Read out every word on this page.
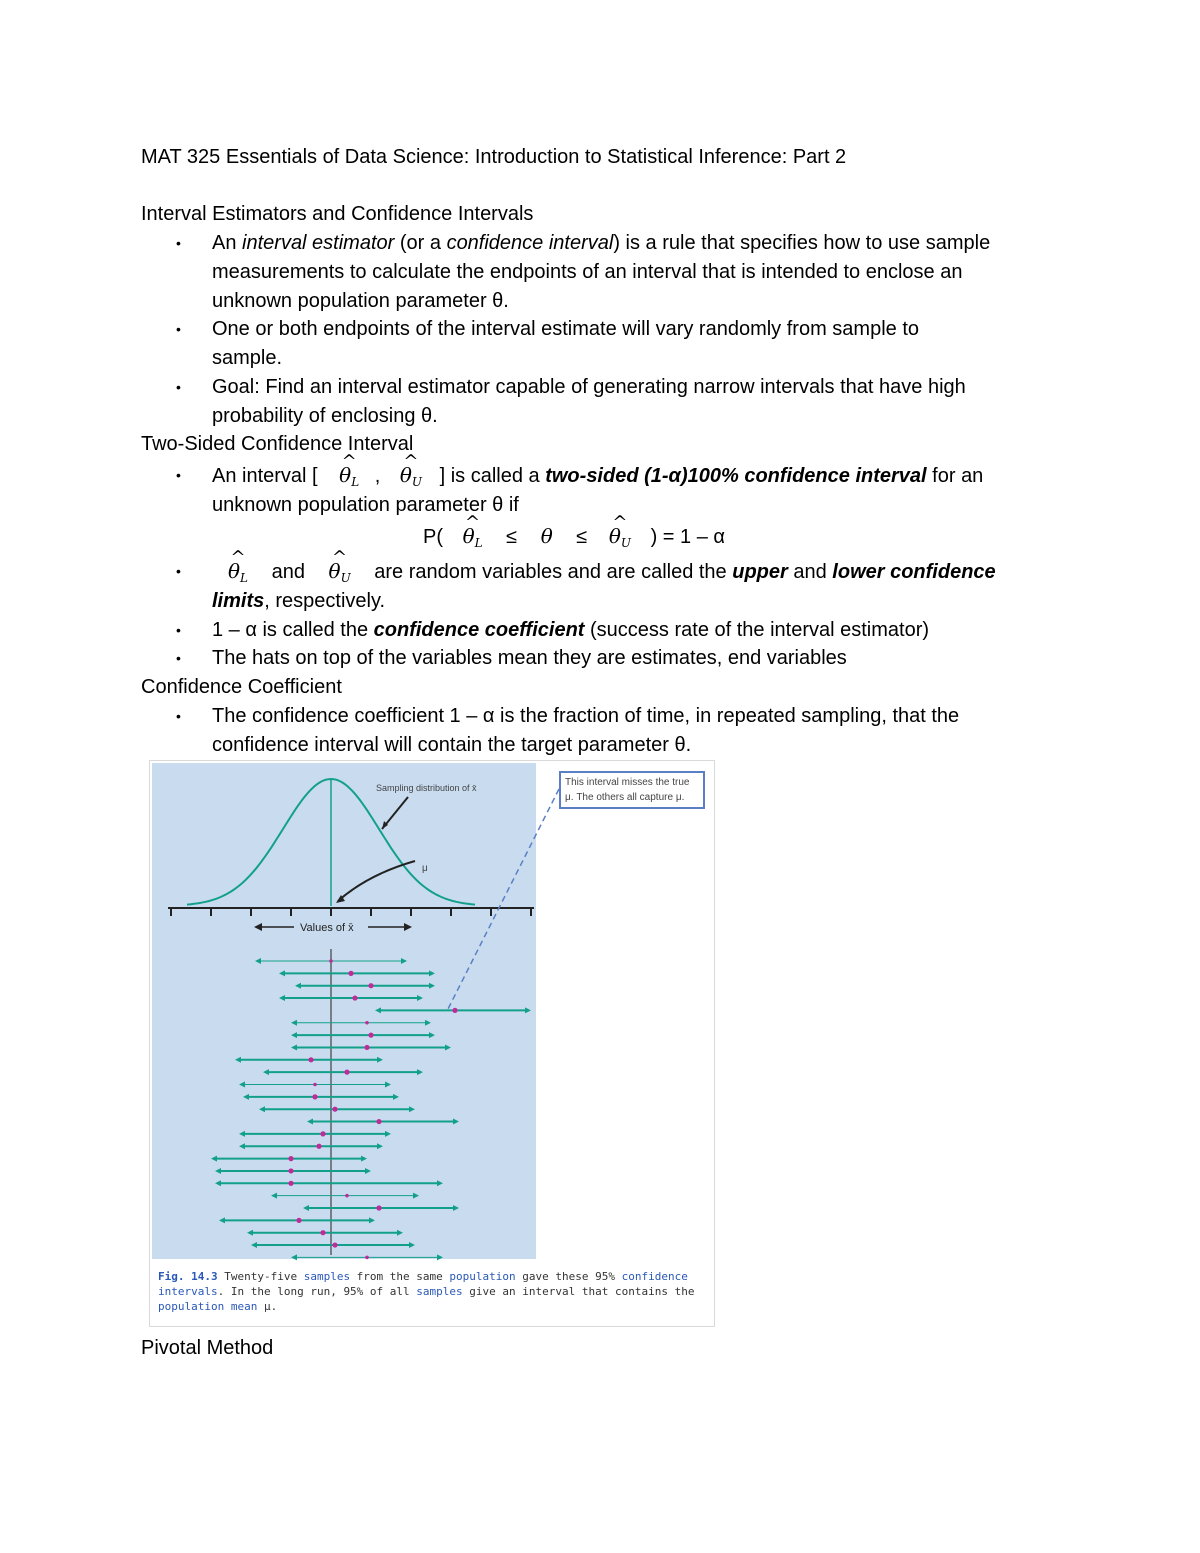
MAT 325 Essentials of Data Science: Introduction to Statistical Inference: Part 2
Interval Estimators and Confidence Intervals
• An interval estimator (or a confidence interval) is a rule that specifies how to use sample
measurements to calculate the endpoints of an interval that is intended to enclose an
unknown population parameter θ.
• One or both endpoints of the interval estimate will vary randomly from sample to
sample.
• Goal: Find an interval estimator capable of generating narrow intervals that have high
probability of enclosing θ.
Two-Sided Confidence Interval
• An interval [
^
$\theta_L$ ,
^
$\theta_U$ ] is called a two-sided (1-α)100% confidence interval for an
unknown population parameter θ if
P(
^
$\theta_L \le \theta$ ≤
^
$\theta_U$ ) = 1 – α
•
^
$\theta_L$ and
^
$\theta_U$ are random variables and are called the upper and lower confidence
limits, respectively.
• 1 – α is called the confidence coefficient (success rate of the interval estimator)
• The hats on top of the variables mean they are estimates, end variables
Confidence Coefficient
• The confidence coefficient 1 – α is the fraction of time, in repeated sampling, that the
confidence interval will contain the target parameter θ.
Sampling distribution of x̄
μ
Values of x̄
This interval misses the true μ. The others all capture μ.
Fig. 14.3 Twenty-five samples from the same population gave these 95% confidence intervals. In the long run, 95% of all samples give an interval that contains the population mean μ.
Pivotal Method
